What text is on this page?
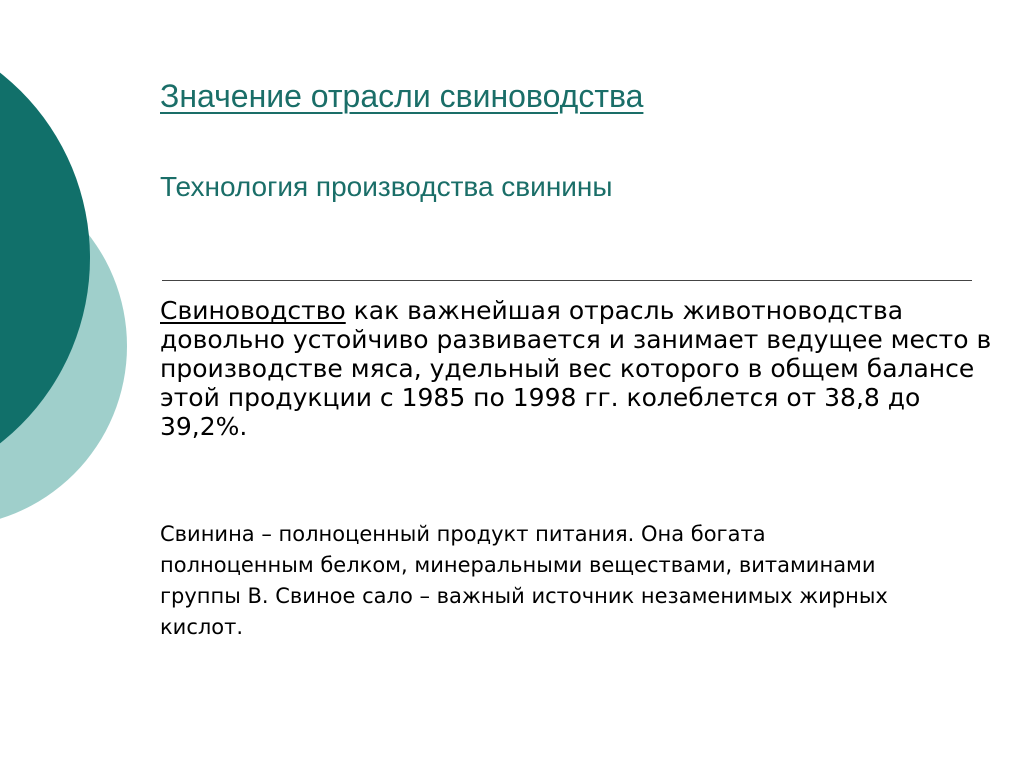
Значение отрасли свиноводства
Технология производства свинины

Свиноводство как важнейшая отрасль животноводства довольно устойчиво развивается и занимает ведущее место в производстве мяса, удельный вес которого в общем балансе этой продукции с 1985 по 1998 гг. колеблется от 38,8 до 39,2%.

Свинина – полноценный продукт питания. Она богата полноценным белком, минеральными веществами, витаминами группы В. Свиное сало – важный источник незаменимых жирных кислот.
